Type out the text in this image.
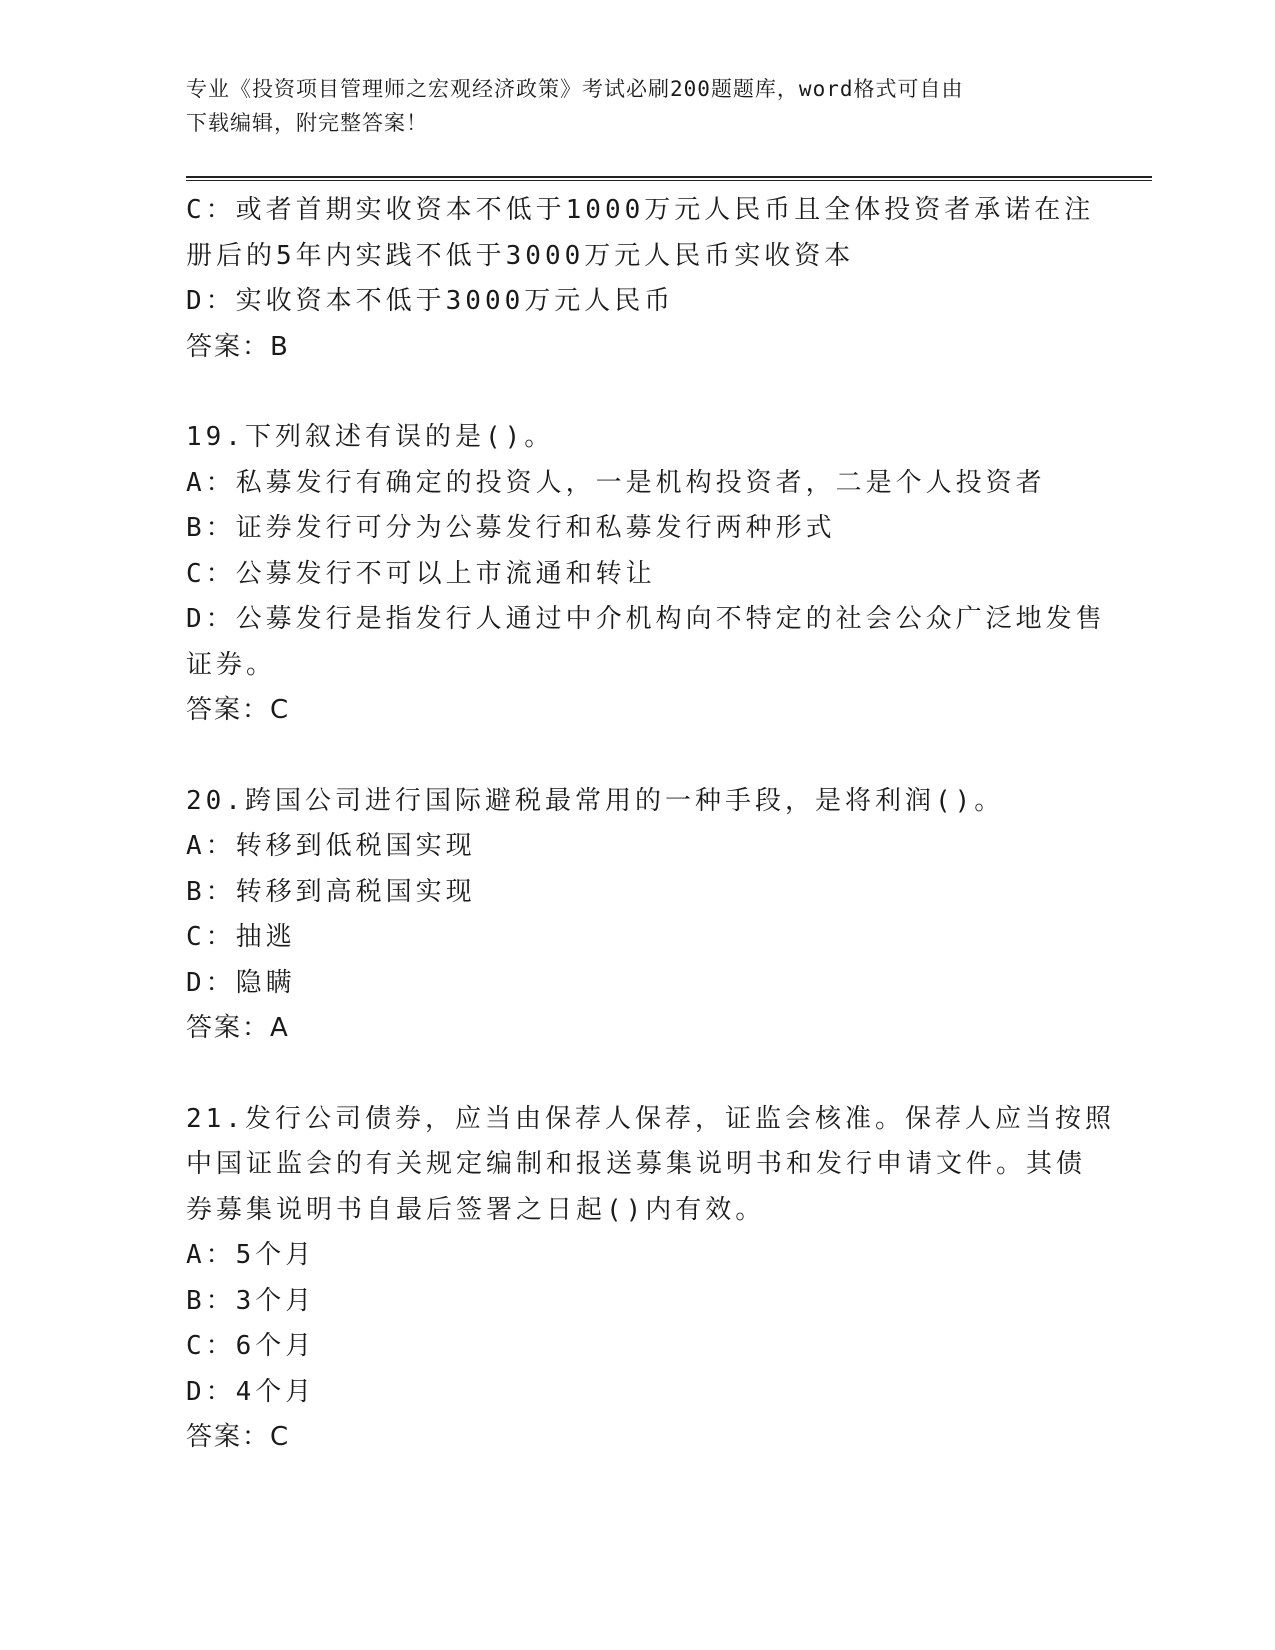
专业《投资项目管理师之宏观经济政策》考试必刷200题题库，word格式可自由
下载编辑，附完整答案！
C：或者首期实收资本不低于1000万元人民币且全体投资者承诺在注
册后的5年内实践不低于3000万元人民币实收资本
D：实收资本不低于3000万元人民币
答案：B
19.下列叙述有误的是()。
A：私募发行有确定的投资人，一是机构投资者，二是个人投资者
B：证券发行可分为公募发行和私募发行两种形式
C：公募发行不可以上市流通和转让
D：公募发行是指发行人通过中介机构向不特定的社会公众广泛地发售
证券。
答案：C
20.跨国公司进行国际避税最常用的一种手段，是将利润()。
A：转移到低税国实现
B：转移到高税国实现
C：抽逃
D：隐瞒
答案：A
21.发行公司债券，应当由保荐人保荐，证监会核准。保荐人应当按照
中国证监会的有关规定编制和报送募集说明书和发行申请文件。其债
券募集说明书自最后签署之日起()内有效。
A：5个月
B：3个月
C：6个月
D：4个月
答案：C
